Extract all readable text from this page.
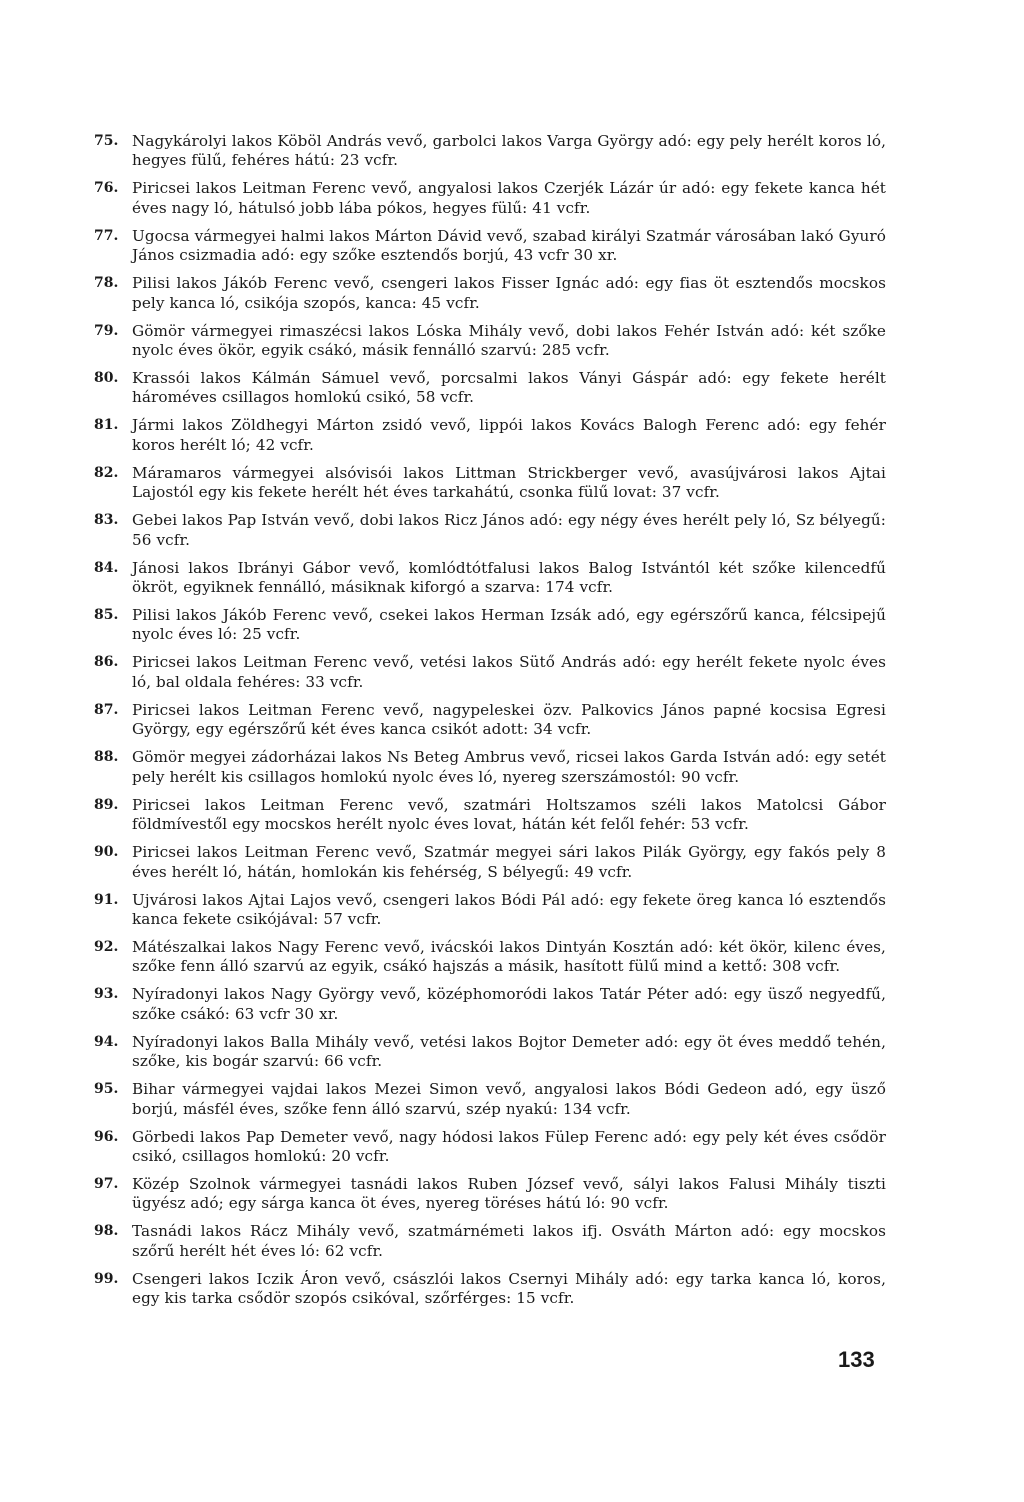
75. Nagykárolyi lakos Köböl András vevő, garbolci lakos Varga György adó: egy pely herélt koros ló, hegyes fülű, fehéres hátú: 23 vcfr.
76. Piricsei lakos Leitman Ferenc vevő, angyalosi lakos Czerjék Lázár úr adó: egy fekete kanca hét éves nagy ló, hátulsó jobb lába pókos, hegyes fülű: 41 vcfr.
77. Ugocsa vármegyei halmi lakos Márton Dávid vevő, szabad királyi Szatmár városában lakó Gyuró János csizmadia adó: egy szőke esztendős borjú, 43 vcfr 30 xr.
78. Pilisi lakos Jákób Ferenc vevő, csengeri lakos Fisser Ignác adó: egy fias öt esztendős mocskos pely kanca ló, csikója szopós, kanca: 45 vcfr.
79. Gömör vármegyei rimaszécsi lakos Lóska Mihály vevő, dobi lakos Fehér István adó: két szőke nyolc éves ökör, egyik csákó, másik fennálló szarvú: 285 vcfr.
80. Krassói lakos Kálmán Sámuel vevő, porcsalmi lakos Ványi Gáspár adó: egy fekete herélt hároméves csillagos homlokú csikó, 58 vcfr.
81. Jármi lakos Zöldhegyi Márton zsidó vevő, lippói lakos Kovács Balogh Ferenc adó: egy fehér koros herélt ló; 42 vcfr.
82. Máramaros vármegyei alsóvisói lakos Littman Strickberger vevő, avasújvárosi lakos Ajtai Lajostól egy kis fekete herélt hét éves tarkahátú, csonka fülű lovat: 37 vcfr.
83. Gebei lakos Pap István vevő, dobi lakos Ricz János adó: egy négy éves herélt pely ló, Sz bélyegű: 56 vcfr.
84. Jánosi lakos Ibrányi Gábor vevő, komlódtótfalusi lakos Balog Istvántól két szőke kilencedfű ökröt, egyiknek fennálló, másiknak kiforgó a szarva: 174 vcfr.
85. Pilisi lakos Jákób Ferenc vevő, csekei lakos Herman Izsák adó, egy egérszőrű kanca, félcsipejű nyolc éves ló: 25 vcfr.
86. Piricsei lakos Leitman Ferenc vevő, vetési lakos Sütő András adó: egy herélt fekete nyolc éves ló, bal oldala fehéres: 33 vcfr.
87. Piricsei lakos Leitman Ferenc vevő, nagypeleskei özv. Palkovics János papné kocsisa Egresi György, egy egérszőrű két éves kanca csikót adott: 34 vcfr.
88. Gömör megyei zádorházai lakos Ns Beteg Ambrus vevő, ricsei lakos Garda István adó: egy setét pely herélt kis csillagos homlokú nyolc éves ló, nyereg szerszámostól: 90 vcfr.
89. Piricsei lakos Leitman Ferenc vevő, szatmári Holtszamos széli lakos Matolcsi Gábor földmívestől egy mocskos herélt nyolc éves lovat, hátán két felől fehér: 53 vcfr.
90. Piricsei lakos Leitman Ferenc vevő, Szatmár megyei sári lakos Pilák György, egy fakós pely 8 éves herélt ló, hátán, homlokán kis fehérség, S bélyegű: 49 vcfr.
91. Ujvárosi lakos Ajtai Lajos vevő, csengeri lakos Bódi Pál adó: egy fekete öreg kanca ló esztendős kanca fekete csikójával: 57 vcfr.
92. Mátészalkai lakos Nagy Ferenc vevő, ivácskói lakos Dintyán Kosztán adó: két ökör, kilenc éves, szőke fenn álló szarvú az egyik, csákó hajszás a másik, hasított fülű mind a kettő: 308 vcfr.
93. Nyíradonyi lakos Nagy György vevő, középhomoródi lakos Tatár Péter adó: egy üsző negyedfű, szőke csákó: 63 vcfr 30 xr.
94. Nyíradonyi lakos Balla Mihály vevő, vetési lakos Bojtor Demeter adó: egy öt éves meddő tehén, szőke, kis bogár szarvú: 66 vcfr.
95. Bihar vármegyei vajdai lakos Mezei Simon vevő, angyalosi lakos Bódi Gedeon adó, egy üsző borjú, másfél éves, szőke fenn álló szarvú, szép nyakú: 134 vcfr.
96. Görbedi lakos Pap Demeter vevő, nagy hódosi lakos Fülep Ferenc adó: egy pely két éves csődör csikó, csillagos homlokú: 20 vcfr.
97. Közép Szolnok vármegyei tasnádi lakos Ruben József vevő, sályi lakos Falusi Mihály tiszti ügyész adó; egy sárga kanca öt éves, nyereg töréses hátú ló: 90 vcfr.
98. Tasnádi lakos Rácz Mihály vevő, szatmárnémeti lakos ifj. Osváth Márton adó: egy mocskos szőrű herélt hét éves ló: 62 vcfr.
99. Csengeri lakos Iczik Áron vevő, császlói lakos Csernyi Mihály adó: egy tarka kanca ló, koros, egy kis tarka csődör szopós csikóval, szőrférges: 15 vcfr.
133
